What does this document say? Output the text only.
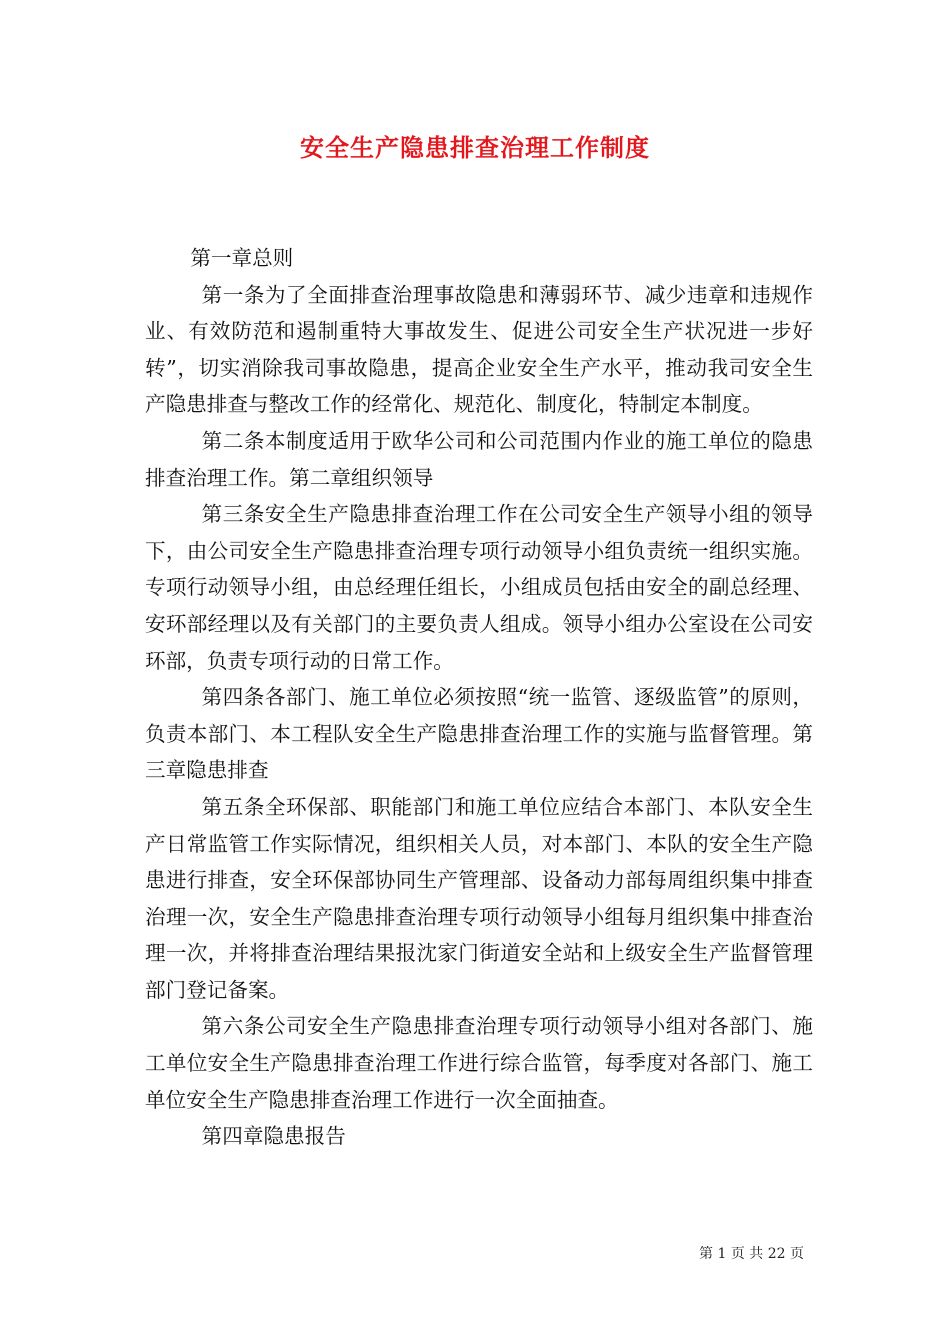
安全生产隐患排查治理工作制度

第一章总则

第一条为了全面排查治理事故隐患和薄弱环节、减少违章和违规作业、有效防范和遏制重特大事故发生、促进公司安全生产状况进一步好转”，切实消除我司事故隐患，提高企业安全生产水平，推动我司安全生产隐患排查与整改工作的经常化、规范化、制度化，特制定本制度。

第二条本制度适用于欧华公司和公司范围内作业的施工单位的隐患排查治理工作。第二章组织领导

第三条安全生产隐患排查治理工作在公司安全生产领导小组的领导下，由公司安全生产隐患排查治理专项行动领导小组负责统一组织实施。专项行动领导小组，由总经理任组长，小组成员包括由安全的副总经理、安环部经理以及有关部门的主要负责人组成。领导小组办公室设在公司安环部，负责专项行动的日常工作。

第四条各部门、施工单位必须按照“统一监管、逐级监管”的原则，负责本部门、本工程队安全生产隐患排查治理工作的实施与监督管理。第三章隐患排查

第五条全环保部、职能部门和施工单位应结合本部门、本队安全生产日常监管工作实际情况，组织相关人员，对本部门、本队的安全生产隐患进行排查，安全环保部协同生产管理部、设备动力部每周组织集中排查治理一次，安全生产隐患排查治理专项行动领导小组每月组织集中排查治理一次，并将排查治理结果报沈家门街道安全站和上级安全生产监督管理部门登记备案。

第六条公司安全生产隐患排查治理专项行动领导小组对各部门、施工单位安全生产隐患排查治理工作进行综合监管，每季度对各部门、施工单位安全生产隐患排查治理工作进行一次全面抽查。

第四章隐患报告

第 1 页 共 22 页
